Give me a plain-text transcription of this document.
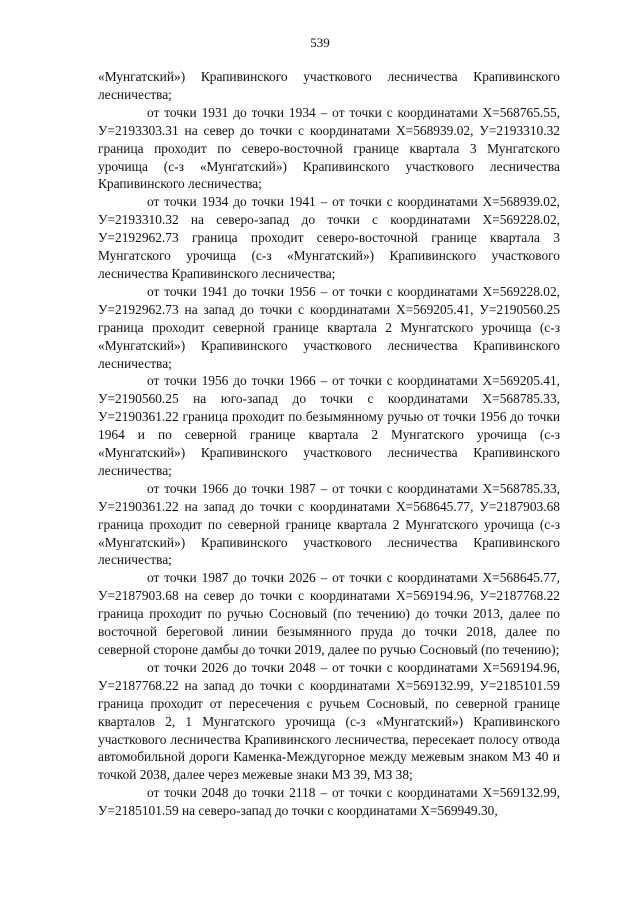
539

«Мунгатский») Крапивинского участкового лесничества Крапивинского лесничества;

от точки 1931 до точки 1934 – от точки с координатами Х=568765.55, У=2193303.31 на север до точки с координатами Х=568939.02, У=2193310.32 граница проходит по северо-восточной границе квартала 3 Мунгатского урочища (с-з «Мунгатский») Крапивинского участкового лесничества Крапивинского лесничества;

от точки 1934 до точки 1941 – от точки с координатами Х=568939.02, У=2193310.32 на северо-запад до точки с координатами Х=569228.02, У=2192962.73 граница проходит северо-восточной границе квартала 3 Мунгатского урочища (с-з «Мунгатский») Крапивинского участкового лесничества Крапивинского лесничества;

от точки 1941 до точки 1956 – от точки с координатами Х=569228.02, У=2192962.73 на запад до точки с координатами Х=569205.41, У=2190560.25 граница проходит северной границе квартала 2 Мунгатского урочища (с-з «Мунгатский») Крапивинского участкового лесничества Крапивинского лесничества;

от точки 1956 до точки 1966 – от точки с координатами Х=569205.41, У=2190560.25 на юго-запад до точки с координатами Х=568785.33, У=2190361.22 граница проходит по безымянному ручью от точки 1956 до точки 1964 и по северной границе квартала 2 Мунгатского урочища (с-з «Мунгатский») Крапивинского участкового лесничества Крапивинского лесничества;

от точки 1966 до точки 1987 – от точки с координатами Х=568785.33, У=2190361.22 на запад до точки с координатами Х=568645.77, У=2187903.68 граница проходит по северной границе квартала 2 Мунгатского урочища (с-з «Мунгатский») Крапивинского участкового лесничества Крапивинского лесничества;

от точки 1987 до точки 2026 – от точки с координатами Х=568645.77, У=2187903.68 на север до точки с координатами Х=569194.96, У=2187768.22 граница проходит по ручью Сосновый (по течению) до точки 2013, далее по восточной береговой линии безымянного пруда до точки 2018, далее по северной стороне дамбы до точки 2019, далее по ручью Сосновый (по течению);

от точки 2026 до точки 2048 – от точки с координатами Х=569194.96, У=2187768.22 на запад до точки с координатами Х=569132.99, У=2185101.59 граница проходит от пересечения с ручьем Сосновый, по северной границе кварталов 2, 1 Мунгатского урочища (с-з «Мунгатский») Крапивинского участкового лесничества Крапивинского лесничества, пересекает полосу отвода автомобильной дороги Каменка-Междугорное между межевым знаком МЗ 40 и точкой 2038, далее через межевые знаки МЗ 39, МЗ 38;

от точки 2048 до точки 2118 – от точки с координатами Х=569132.99, У=2185101.59 на северо-запад до точки с координатами Х=569949.30,
